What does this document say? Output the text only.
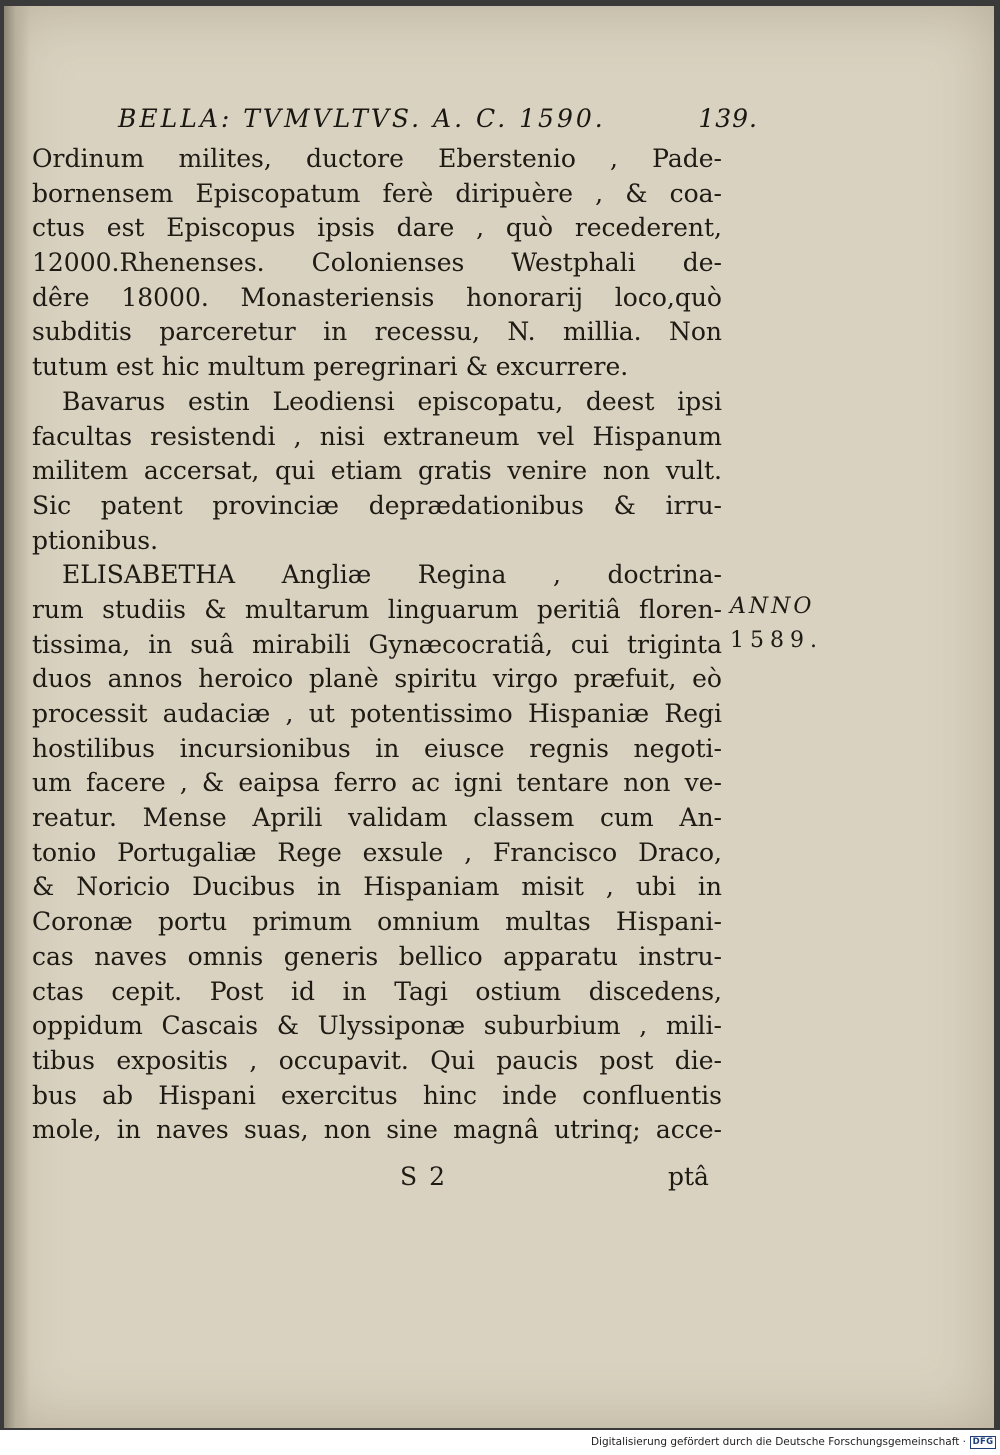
BELLA: TVMVLTVS. A. C. 1590.	139.
Ordinum milites, ductore Eberstenio , Pade-
bornensem Episcopatum ferè diripuère , & coa-
ctus est Episcopus ipsis dare , quò recederent,
12000.Rhenenses. Colonienses Westphali de-
dêre 18000. Monasteriensis honorarij loco,quò
subditis parceretur in recessu, N. millia. Non
tutum est hic multum peregrinari & excurrere.
Bavarus estin Leodiensi episcopatu, deest ipsi
facultas resistendi , nisi extraneum vel Hispanum
militem accersat, qui etiam gratis venire non vult.
Sic patent provinciæ deprædationibus & irru-
ptionibus.
ELISABETHA Angliæ Regina , doctrina-
rum studiis & multarum linguarum peritiâ floren-
tissima, in suâ mirabili Gynæcocratiâ, cui triginta
duos annos heroico planè spiritu virgo præfuit, eò
processit audaciæ , ut potentissimo Hispaniæ Regi
hostilibus incursionibus in eiusce regnis negoti-
um facere , & eaipsa ferro ac igni tentare non ve-
reatur. Mense Aprili validam classem cum An-
tonio Portugaliæ Rege exsule , Francisco Draco,
& Noricio Ducibus in Hispaniam misit , ubi in
Coronæ portu primum omnium multas Hispani-
cas naves omnis generis bellico apparatu instru-
ctas cepit. Post id in Tagi ostium discedens,
oppidum Cascais & Ulyssiponæ suburbium , mili-
tibus expositis , occupavit. Qui paucis post die-
bus ab Hispani exercitus hinc inde confluentis
mole, in naves suas, non sine magnâ utrinq; acce-
ANNO
1589.
S 2	ptâ
Digitalisierung gefördert durch die Deutsche Forschungsgemeinschaft · DFG
